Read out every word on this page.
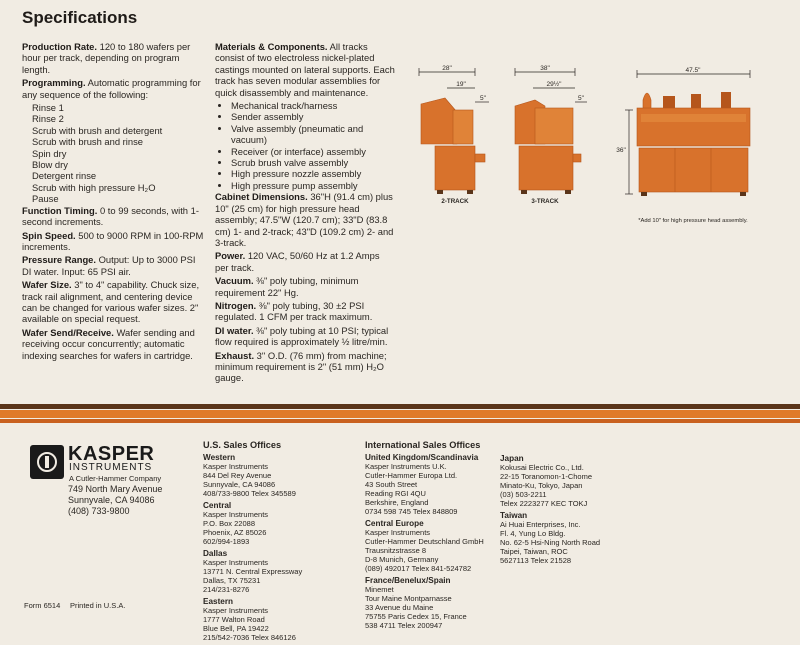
Specifications

Production Rate. 120 to 180 wafers per hour per track, depending on program length.

Programming. Automatic programming for any sequence of the following:

Rinse 1
Rinse 2
Scrub with brush and detergent
Scrub with brush and rinse
Spin dry
Blow dry
Detergent rinse
Scrub with high pressure H₂O
Pause

Function Timing. 0 to 99 seconds, with 1-second increments.

Spin Speed. 500 to 9000 RPM in 100-RPM increments.

Pressure Range. Output: Up to 3000 PSI DI water. Input: 65 PSI air.

Wafer Size. 3" to 4" capability. Chuck size, track rail alignment, and centering device can be changed for various wafer sizes. 2" available on special request.

Wafer Send/Receive. Wafer sending and receiving occur concurrently; automatic indexing searches for wafers in cartridge.

Materials & Components. All tracks consist of two electroless nickel-plated castings mounted on lateral supports. Each track has seven modular assemblies for quick disassembly and maintenance.

• Mechanical track/harness
• Sender assembly
• Valve assembly (pneumatic and vacuum)
• Receiver (or interface) assembly
• Scrub brush valve assembly
• High pressure nozzle assembly
• High pressure pump assembly

Cabinet Dimensions. 36"H (91.4 cm) plus 10" (25 cm) for high pressure head assembly; 47.5"W (120.7 cm); 33"D (83.8 cm) 1- and 2-track; 43"D (109.2 cm) 2- and 3-track.

Power. 120 VAC, 50/60 Hz at 1.2 Amps per track.

Vacuum. ⅜" poly tubing, minimum requirement 22" Hg.

Nitrogen. ⅜" poly tubing, 30 ±2 PSI regulated. 1 CFM per track maximum.

DI water. ⅜" poly tubing at 10 PSI; typical flow required is approximately ½ litre/min.

Exhaust. 3" O.D. (76 mm) from machine; minimum requirement is 2" (51 mm) H₂O gauge.

28"
19"
5"
2-TRACK
38"
29½"
5"
3-TRACK
47.5"
36"
*Add 10" for high pressure head assembly.
KASPER
INSTRUMENTS
A Cutler-Hammer Company
749 North Mary Avenue
Sunnyvale, CA 94086
(408) 733-9800
U.S. Sales Offices
Western
Kasper Instruments
844 Del Rey Avenue
Sunnyvale, CA 94086
408/733-9800 Telex 345589
Central
Kasper Instruments
P.O. Box 22088
Phoenix, AZ 85026
602/994-1893
Dallas
Kasper Instruments
13771 N. Central Expressway
Dallas, TX 75231
214/231-8276
Eastern
Kasper Instruments
1777 Walton Road
Blue Bell, PA 19422
215/542-7036 Telex 846126
International Sales Offices
United Kingdom/Scandinavia
Kasper Instruments U.K.
Cutler-Hammer Europa Ltd.
43 South Street
Reading RGI 4QU
Berkshire, England
0734 598 745 Telex 848809
Central Europe
Kasper Instruments
Cutler-Hammer Deutschland GmbH
Trausnitzstrasse 8
D-8 Munich, Germany
(089) 492017 Telex 841-524782
France/Benelux/Spain
Minemet
Tour Maine Montparnasse
33 Avenue du Maine
75755 Paris Cedex 15, France
538 4711 Telex 200947
Japan
Kokusai Electric Co., Ltd.
22-15 Toranomon-1-Chome
Minato-Ku, Tokyo, Japan
(03) 503-2211
Telex 2223277 KEC TOKJ
Taiwan
Ai Huai Enterprises, Inc.
Fl. 4, Yung Lo Bldg.
No. 62-5 Hsi-Ning North Road
Taipei, Taiwan, ROC
5627113 Telex 21528
Form 6514 Printed in U.S.A.
